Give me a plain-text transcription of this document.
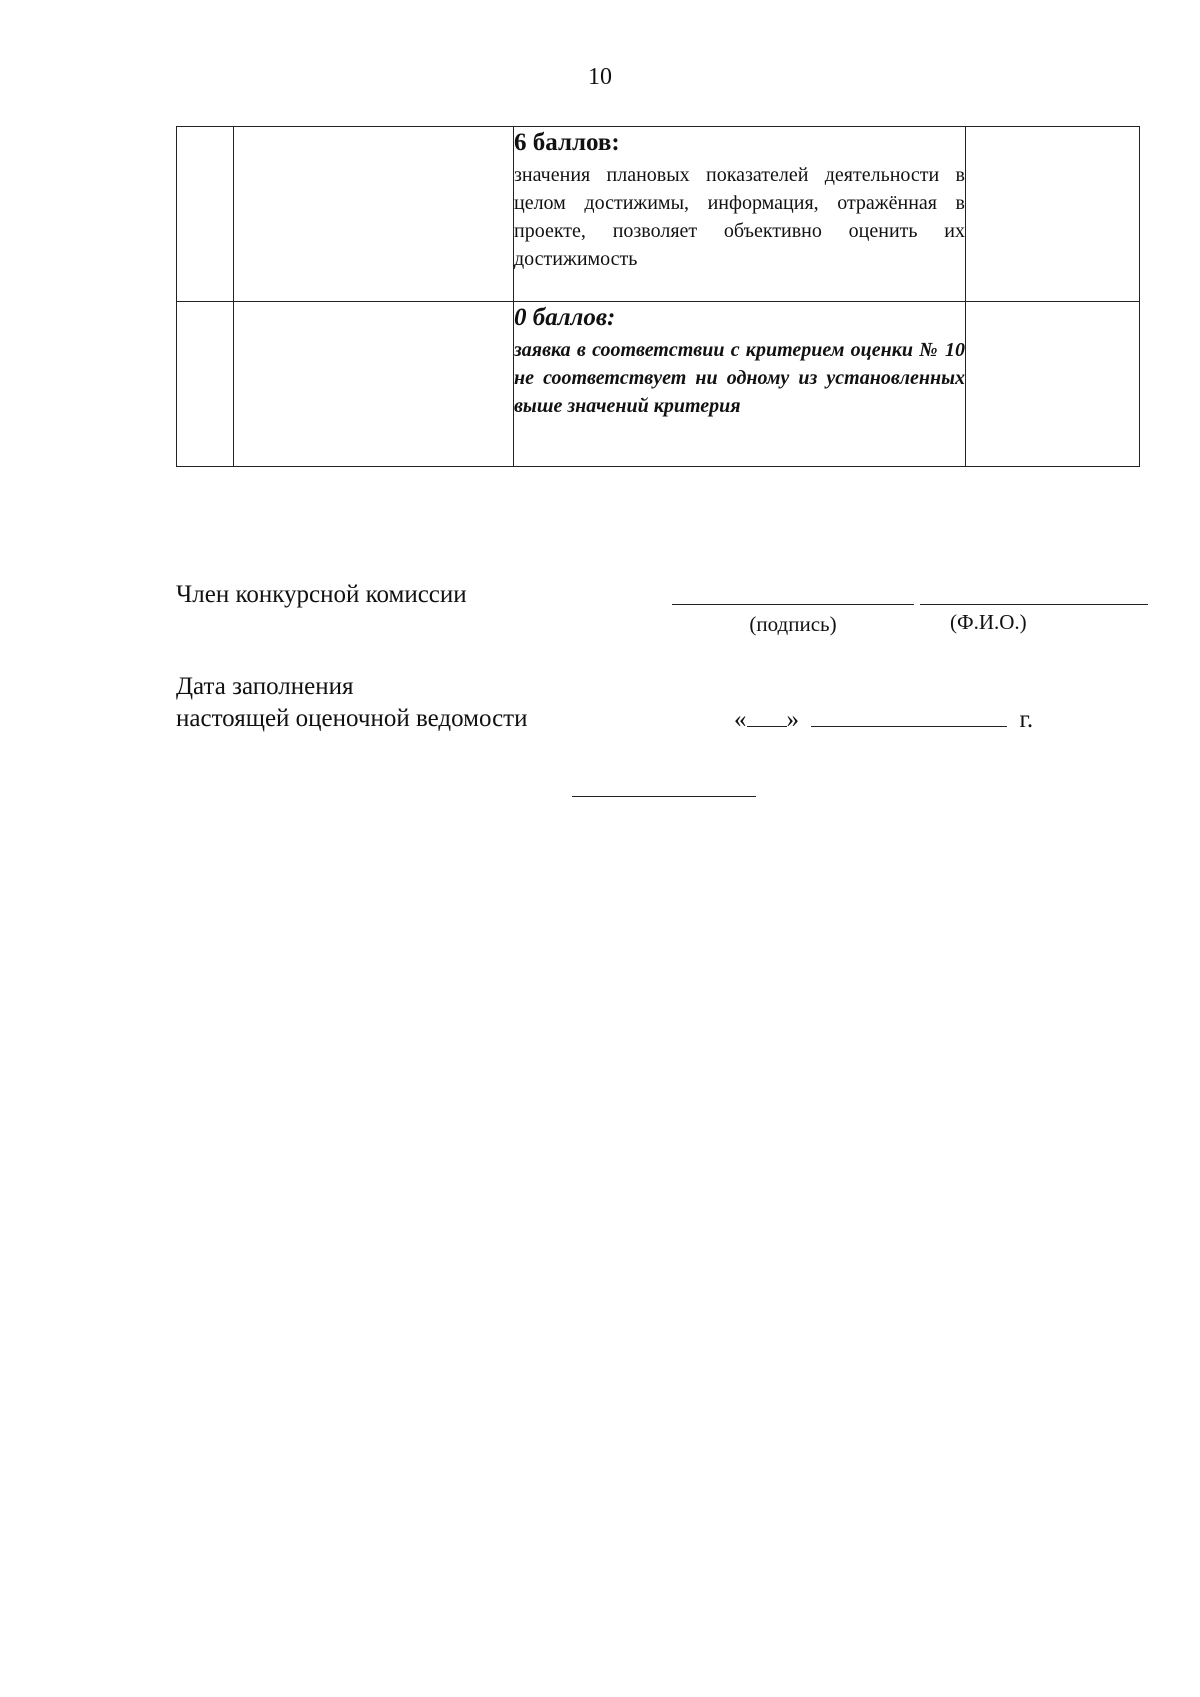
10

		6 баллов:
значения плановых показателей деятельности в целом достижимы, информация, отражённая в проекте, позволяет объективно оценить их достижимость	

		0 баллов:
заявка в соответствии с критерием оценки № 10 не соответствует ни одному из установленных выше значений критерия	

Член конкурсной комиссии
(подпись)	(Ф.И.О.)
Дата заполнения
настоящей оценочной ведомости	« »	г.
